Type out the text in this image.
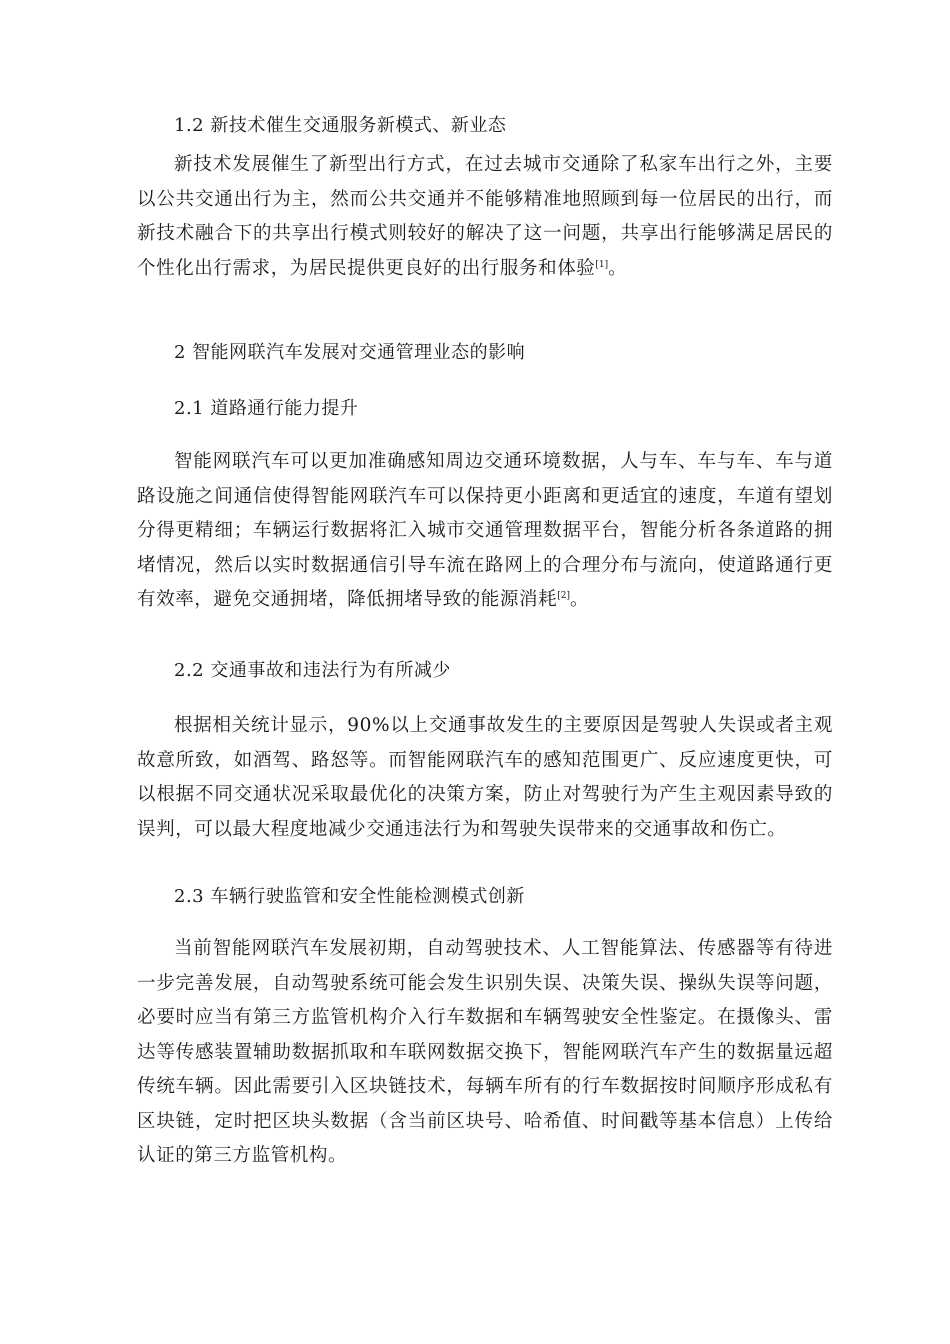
1.2 新技术催生交通服务新模式、新业态

新技术发展催生了新型出行方式，在过去城市交通除了私家车出行之外，主要以公共交通出行为主，然而公共交通并不能够精准地照顾到每一位居民的出行，而新技术融合下的共享出行模式则较好的解决了这一问题，共享出行能够满足居民的个性化出行需求，为居民提供更良好的出行服务和体验[1]。

2 智能网联汽车发展对交通管理业态的影响
2.1 道路通行能力提升

智能网联汽车可以更加准确感知周边交通环境数据，人与车、车与车、车与道路设施之间通信使得智能网联汽车可以保持更小距离和更适宜的速度，车道有望划分得更精细；车辆运行数据将汇入城市交通管理数据平台，智能分析各条道路的拥堵情况，然后以实时数据通信引导车流在路网上的合理分布与流向，使道路通行更有效率，避免交通拥堵，降低拥堵导致的能源消耗[2]。

2.2 交通事故和违法行为有所减少

根据相关统计显示，90%以上交通事故发生的主要原因是驾驶人失误或者主观故意所致，如酒驾、路怒等。而智能网联汽车的感知范围更广、反应速度更快，可以根据不同交通状况采取最优化的决策方案，防止对驾驶行为产生主观因素导致的误判，可以最大程度地减少交通违法行为和驾驶失误带来的交通事故和伤亡。

2.3 车辆行驶监管和安全性能检测模式创新

当前智能网联汽车发展初期，自动驾驶技术、人工智能算法、传感器等有待进一步完善发展，自动驾驶系统可能会发生识别失误、决策失误、操纵失误等问题，必要时应当有第三方监管机构介入行车数据和车辆驾驶安全性鉴定。在摄像头、雷达等传感装置辅助数据抓取和车联网数据交换下，智能网联汽车产生的数据量远超传统车辆。因此需要引入区块链技术，每辆车所有的行车数据按时间顺序形成私有区块链，定时把区块头数据（含当前区块号、哈希值、时间戳等基本信息）上传给认证的第三方监管机构。
